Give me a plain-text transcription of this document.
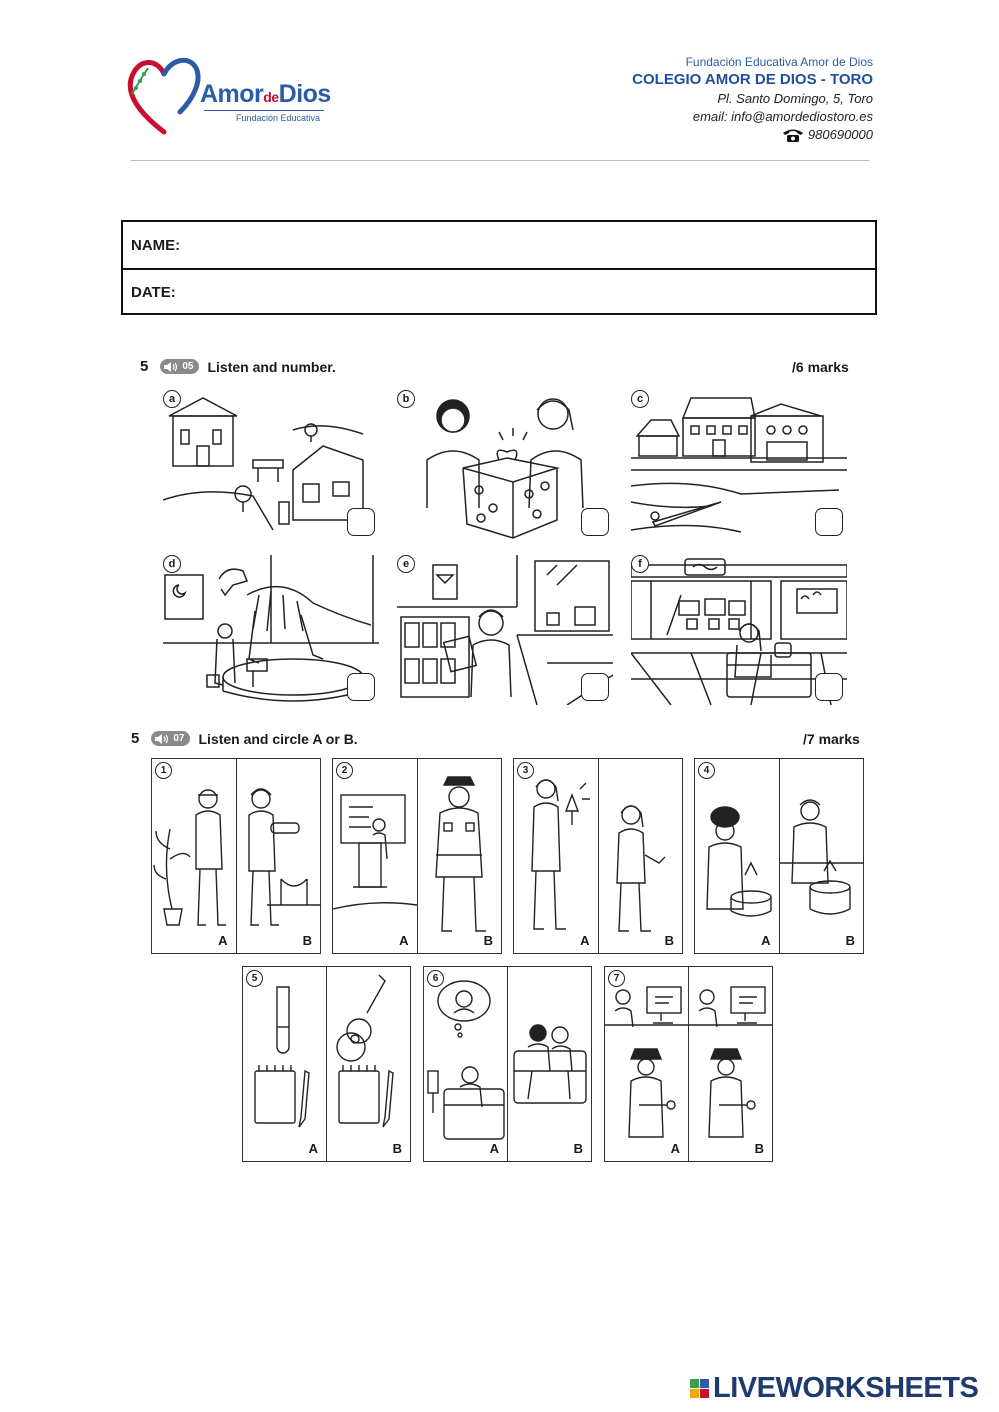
AmordeDios
Fundación Educativa
Fundación Educativa Amor de Dios
COLEGIO AMOR DE DIOS - TORO
Pl. Santo Domingo, 5, Toro
email: info@amordediostoro.es
980690000
NAME:
DATE:
5	05 Listen and number.	/6 marks
a	b	c
d	e	f
5	07 Listen and circle A or B.	/7 marks
1
A	B
2
A	B
3
A	B
4
A	B
5
A	B
6
A	B
7
A	B
LIVEWORKSHEETS
